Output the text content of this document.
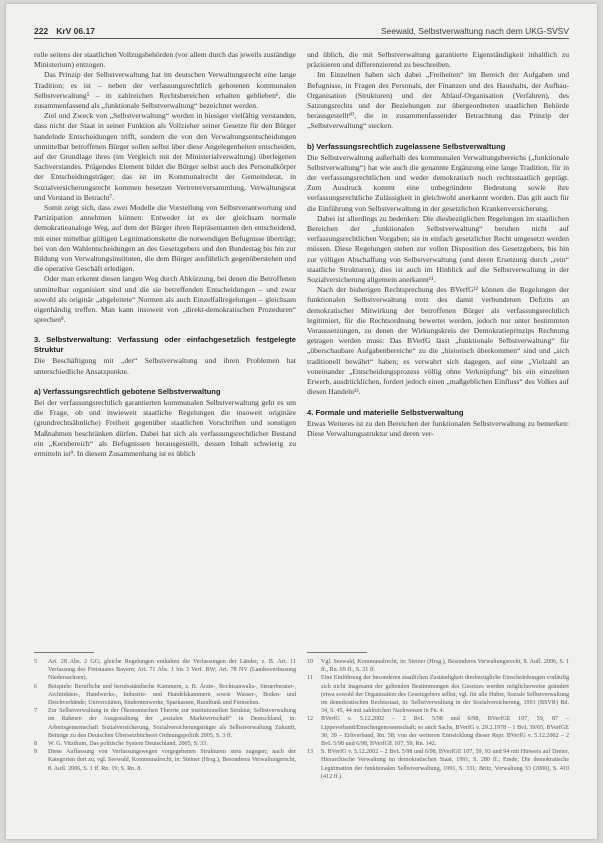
222 KrV 06.17	Seewald, Selbstverwaltung nach dem UKG-SVSV

rolle seitens der staatlichen Vollzugsbehörden (vor allem durch das jeweils zuständige Ministerium) entzogen.

Das Prinzip der Selbstverwaltung hat im deutschen Verwaltungsrecht eine lange Tradition; es ist – neben der verfassungsrechtlich gebotenen kommunalen Selbstverwaltung⁵ – in zahlreichen Rechtsbereichen erhalten geblieben⁶, die zusammenfassend als „funktionale Selbstverwaltung“ bezeichnet werden.

Ziel und Zweck von „Selbstverwaltung“ werden in hiesiger vielfältig verstanden, dass nicht der Staat in seiner Funktion als Vollzieher seiner Gesetze für den Bürger handelnde Entscheidungen trifft, sondern die von den Verwaltungsentscheidungen unmittelbar betroffenen Bürger sollen selbst über diese Angelegenheiten entscheiden, auf der Grundlage ihres (im Vergleich mit der Ministerialverwaltung) überlegenen Sachverstandes. Prägendes Element bildet die Bürger selbst auch des Personalkörper der Entscheidungsträger; das ist im Kommunalrecht der Gemeinderat, in Sozialversicherungsrecht kommen besetzen Vertreterversammlung, Verwaltungsrat und Vorstand in Betracht⁷.

Somit zeigt sich, dass zwei Modelle die Vorstellung von Selbstverantwortung und Partizipation annehmen können: Entweder ist es der gleichsam normale demokratieanaloge Weg, auf dem der Bürger ihren Repräsentanten den entscheidend, mit einer mittelbar gültigen Legitimationskette die notwendigen Befugnisse überträgt; bei von den Wahlentscheidungen an des Gesetzgebers und den Bundestag bis hin zur Bildung von Verwaltungsinstituten, die dem Bürger ausführlich gegenüberstehen und die operative Geschäft erledigen.

Oder man erkennt diesen langen Weg durch Abkürzung, bei denen die Betroffenen unmittelbar organisiert sind und die sie betreffenden Entscheidungen – und zwar sowohl als originär „abgeleitete“ Normen als auch Einzelfallregelungen – gleichsam eigenhändig treffen. Man kann insoweit von „direkt-demokratischen Prozeduren“ sprechen⁸.

3. Selbstverwaltung: Verfassung oder einfachgesetzlich festgelegte Struktur

Die Beschäftigung mit „der“ Selbstverwaltung und ihren Problemen hat unterschiedliche Ansatzpunkte.

a) Verfassungsrechtlich gebotene Selbstverwaltung

Bei der verfassungsrechtlich garantierten kommunalen Selbstverwaltung geht es um die Frage, ob und inwieweit staatliche Regelungen die insoweit originäre (grundrechtsähnliche) Freiheit gegenüber staatlichen Vorschriften und sonstigen Maßnahmen beschränken dürfen. Dabei hat sich als verfassungsrechtlicher Bestand ein „Kernbereich“ als Befugnissen herausgestellt, dessen Inhalt schwierig zu ermitteln ist⁹. In diesem Zusammenhang ist es üblich

und üblich, die mit Selbstverwaltung garantierte Eigenständigkeit inhaltlich zu präzisieren und differenzierend zu beschreiben.

Im Einzelnen haben sich dabei „Freiheiten“ im Bereich der Aufgaben und Befugnisse, in Fragen des Personals, der Finanzen und des Haushalts, der Aufbau-Organisation (Strukturen) und der Ablauf-Organisation (Verfahren), des Satzungsrechts und der Beziehungen zur übergeordneten staatlichen Behörde herausgestellt¹⁰, die in zusammenfassender Betrachtung das Prinzip der „Selbstverwaltung“ stecken.

b) Verfassungsrechtlich zugelassene Selbstverwaltung

Die Selbstverwaltung außerhalb des kommunalen Verwaltungsbereichs („funktionale Selbstverwaltung“) hat wie auch die genannte Ergänzung eine lange Tradition, für in der verfassungsrechtlichen und weder demokratisch noch rechtsstaatlich geprägt. Zum Ausdruck kommt eine unbegründete Bedeutung sowie ihre verfassungsrechtliche Zulässigkeit in gleichwohl anerkannt worden. Das gilt auch für die Einführung von Selbstverwaltung in der gesetzlichen Krankenversicherung.

Dabei ist allerdings zu bedenken: Die diesbezüglichen Regelungen im staatlichen Bereichen der „funktionalen Selbstverwaltung“ beruhen nicht auf verfassungsrechtlichen Vorgaben; sie in einfach gesetzlicher Recht umgesetzt werden müssen. Diese Regelungen stehen zur vollen Disposition des Gesetzgebers, bis hin zur völligen Abschaffung von Selbstverwaltung (und deren Ersetzung durch „rein“ staatliche Strukturen), dies ist auch im Hinblick auf die Selbstverwaltung in der Sozialversicherung allgemein anerkannt¹¹.

Nach der bisherigen Rechtsprechung des BVerfG¹² können die Regelungen der funktionalen Selbstverwaltung trotz des damit verbundenen Defizits an demokratischer Mitwirkung der betroffenen Bürger als verfassungsrechtlich legitimiert, für die Rechtsordnung bewertet werden, jedoch nur unter bestimmten Voraussetzungen, zu denen der Wirkungskreis der Demokratieprinzips Rechnung getragen werden muss: Das BVerfG lässt „funktionale Selbstverwaltung“ für „überschaubare Aufgabenbereiche“ zu die „historisch überkommen“ sind und „sich traditionell bewährt“ haben; es verwahrt sich dagegen, auf eine „Vielzahl an voneinander „Entscheidungsprozess völlig ohne Verknüpfung“ bis ein einzelnen Erwerb, ausdrücklichen, fordert jedoch einen „maßgeblichen Einfluss“ des Volkes auf diesen Handeln¹³.

4. Formale und materielle Selbstverwaltung

Etwas Weiteres ist zu den Bereichen der funktionalen Selbstverwaltung zu bemerken: Diese Verwaltungsstruktur und deren ver-

5 Art. 28 Abs. 2 GG; gleiche Regelungen enthalten die Verfassungen der Länder, z. B. Art. 11 Verfassung des Freistaates Bayern; Art. 71 Abs. 1 bis 3 Verf. BW; Art. 78 NV (Landesverfassung Niedersachsen).
6 Beispiele: Berufliche und berufsständische Kammern, z. B. Ärzte-, Rechtsanwalts-, Steuerberater-, Architekten-, Handwerks-, Industrie- und Handelskammern sowie Wasser-, Boden- und Deichverbände; Universitäten, Studentenwerke, Sparkassen, Rundfunk und Fernsehen.
7 Zur Selbstverwaltung in der Ökonomischen Theorie zur institutionellen Struktur, Selbstverwaltung im Rahmen der Ausgestaltung der „sozialen Marktwirtschaft“ in Deutschland, in: Arbeitsgemeinschaft Sozialversicherung, Sozialversicherungsträger als Selbstverwaltung Zukunft, Beiträge zu den Deutschen Übersetzbücherei Ordnungspolitik 2005, S. 3 ff.
8 W. G. Vitzthum, Das politische System Deutschland, 2005, S. 33.
9 Diese Auffassung von Verfassungswegen vorgegebenen Strukturen stets zugegen; nach der Kategorien dort zu, vgl. Seewald, Kommunalrecht, in: Steiner (Hrsg.), Besonderes Verwaltungsrecht, 8. Aufl. 2006, S. 1 ff. Rn. 19; S. Rn. 8.
10 Vgl. Seewald, Kommunalrecht, in: Steiner (Hrsg.), Besonderes Verwaltungsrecht, 8. Aufl. 2006, S. 1 ff., Rn. 69 ff., S. 31 ff.
11 Eine Einführung der besonderen staatlichen Zuständigkeit diesbezügliche Einschränkungen vorläufig sich nicht insgesamt der geltenden Bestimmungen des Gesetzes werden möglicherweise geändert (etwa sowohl der Organisation des Gesetzgebers selbst, vgl. für alle Huber, Soziale Selbstverwaltung im demokratischen Rechtsstaat, in: Selbstverwaltung in der Sozialversicherung, 1991 (BSVR) Bd. 34, S. 45, 44 mit zahlreichen Nachweisen in Fn. 4.
12 BVerfG v. 5.12.2002 – 2 BvL 5/98 und 6/98, BVerfGE 107, 59, 87 – Lippeverband/Emschergenossenschaft; so auch Sachs, BVerfG v. 29.2.1978 – 1 BvL 39/65, BVerfGE 30, 39 – Erftverband, Rn. 58; von der weiteren Entwicklung dieser Rspr. BVerfG v. 5.12.2002 – 2 BvL 5/98 und 6/98, BVerfGE 107, 59, Rn. 142.
13 S. BVerfG v. 5.12.2002 – 2 BvL 5/98 und 6/98, BVerfGE 107, 59, 93 und 94 mit Hinweis auf Dreier, Hierarchische Verwaltung im demokratischen Staat, 1991, S. 280 ff.; Emde, Die demokratische Legitimation der funktionalen Selbstverwaltung, 1991, S. 331; Britz, Verwaltung 33 (2000), S. 410 (412 ff.).
